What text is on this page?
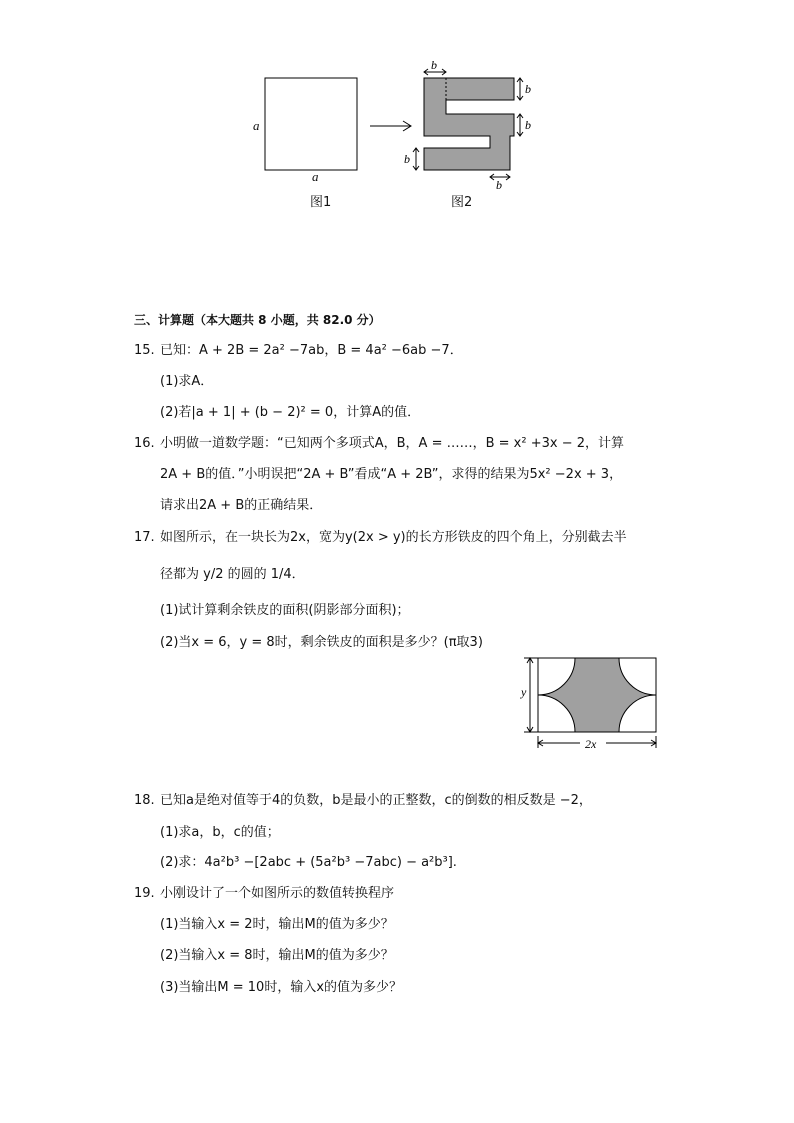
a
a
图1
b
b
b
b
b
图2
三、计算题（本大题共 8 小题，共 82.0 分）
15. 已知：A + 2B = 2a² −7ab，B = 4a² −6ab −7．
(1)求A．
(2)若|a + 1| + (b − 2)² = 0，计算A的值．
16. 小明做一道数学题：“已知两个多项式A，B，A = ……，B = x² +3x − 2，计算
2A + B的值．”小明误把“2A + B”看成“A + 2B”，求得的结果为5x² −2x + 3，
请求出2A + B的正确结果．
17. 如图所示，在一块长为2x，宽为y(2x > y)的长方形铁皮的四个角上，分别截去半
径都为 y/2 的圆的 1/4．
(1)试计算剩余铁皮的面积(阴影部分面积)；
(2)当x = 6，y = 8时，剩余铁皮的面积是多少？(π取3)
y
2x
18. 已知a是绝对值等于4的负数，b是最小的正整数，c的倒数的相反数是 −2，
(1)求a，b，c的值；
(2)求：4a²b³ −[2abc + (5a²b³ −7abc) − a²b³].
19. 小刚设计了一个如图所示的数值转换程序
(1)当输入x = 2时，输出M的值为多少？
(2)当输入x = 8时，输出M的值为多少？
(3)当输出M = 10时，输入x的值为多少？
